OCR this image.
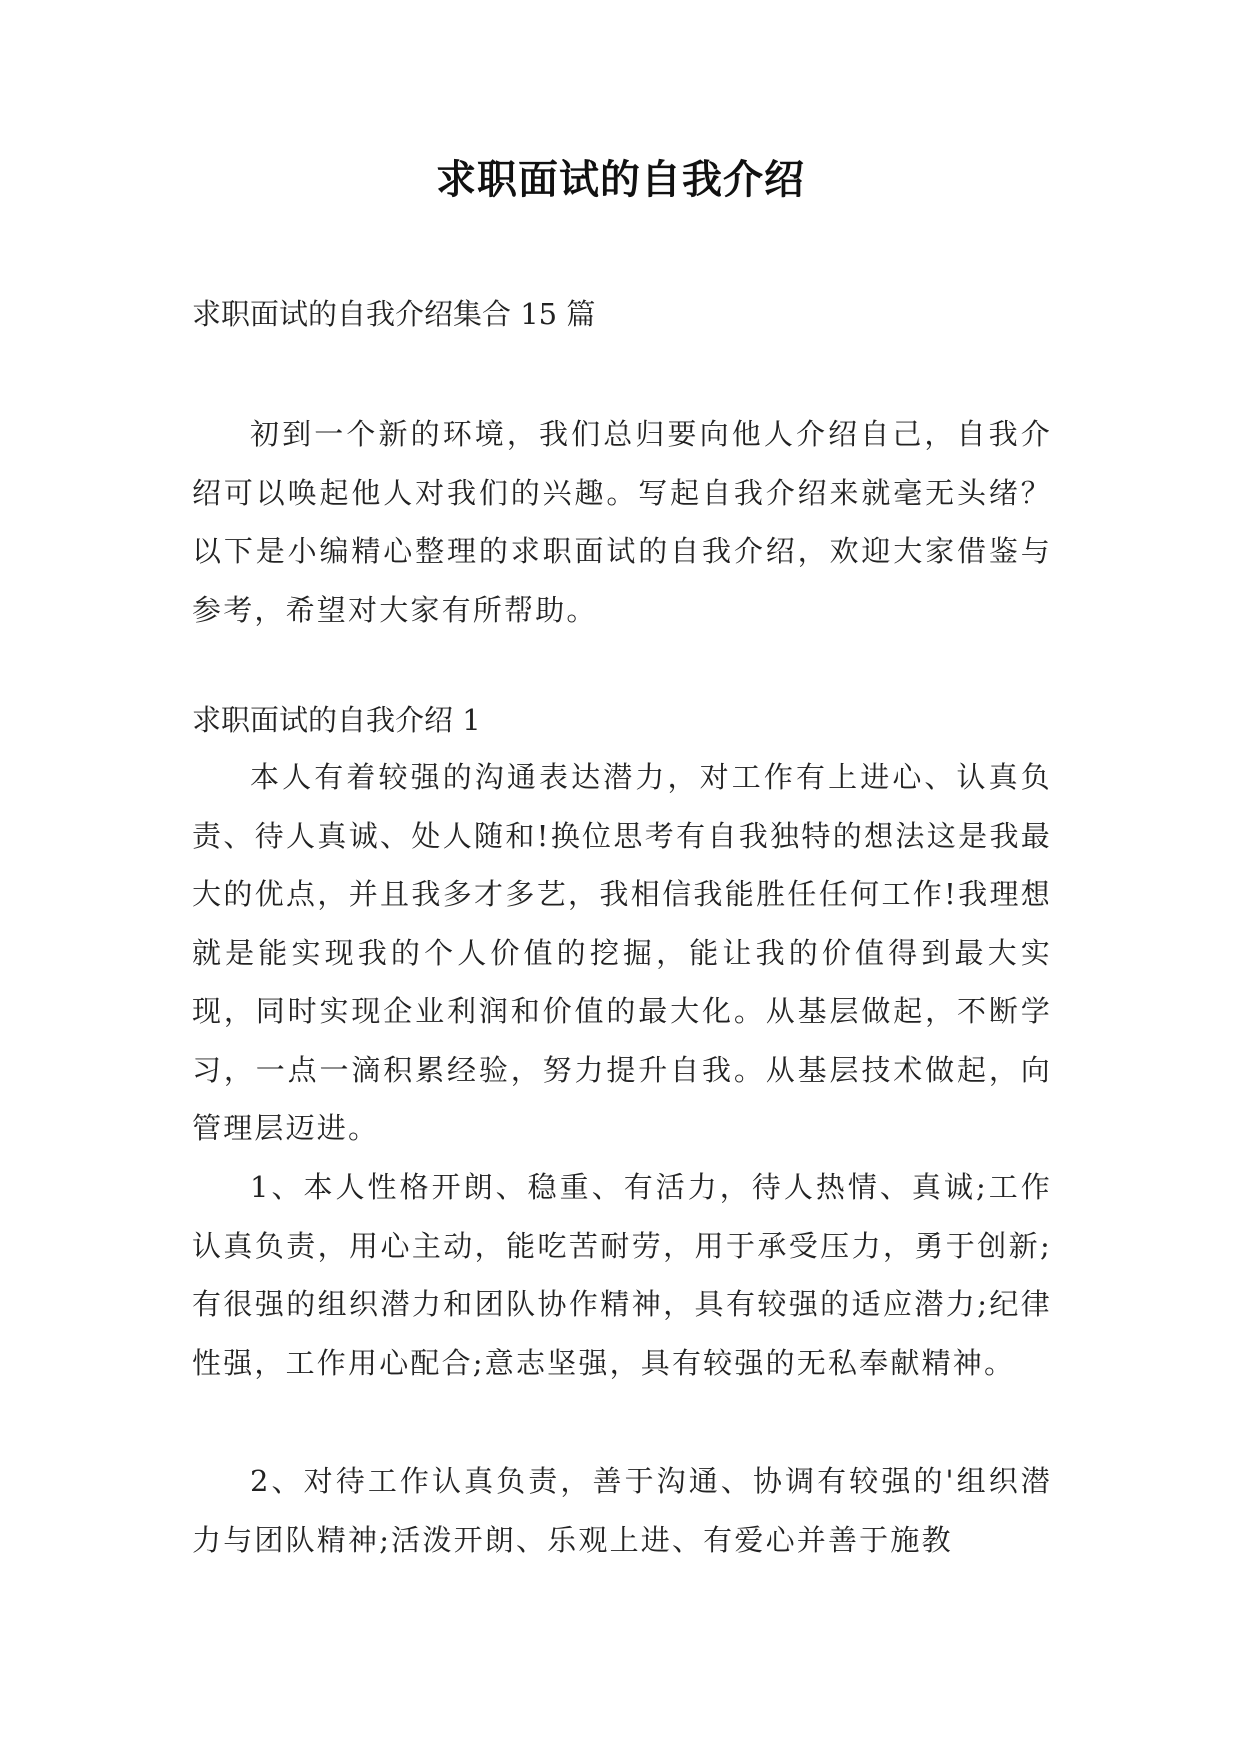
求职面试的自我介绍

求职面试的自我介绍集合 15 篇

初到一个新的环境，我们总归要向他人介绍自己，自我介绍可以唤起他人对我们的兴趣。写起自我介绍来就毫无头绪？以下是小编精心整理的求职面试的自我介绍，欢迎大家借鉴与参考，希望对大家有所帮助。

求职面试的自我介绍 1

本人有着较强的沟通表达潜力，对工作有上进心、认真负责、待人真诚、处人随和!换位思考有自我独特的想法这是我最大的优点，并且我多才多艺，我相信我能胜任任何工作!我理想就是能实现我的个人价值的挖掘，能让我的价值得到最大实现，同时实现企业利润和价值的最大化。从基层做起，不断学习，一点一滴积累经验，努力提升自我。从基层技术做起，向管理层迈进。

1、本人性格开朗、稳重、有活力，待人热情、真诚;工作认真负责，用心主动，能吃苦耐劳，用于承受压力，勇于创新;有很强的组织潜力和团队协作精神，具有较强的适应潜力;纪律性强，工作用心配合;意志坚强，具有较强的无私奉献精神。

2、对待工作认真负责，善于沟通、协调有较强的'组织潜力与团队精神;活泼开朗、乐观上进、有爱心并善于施教
